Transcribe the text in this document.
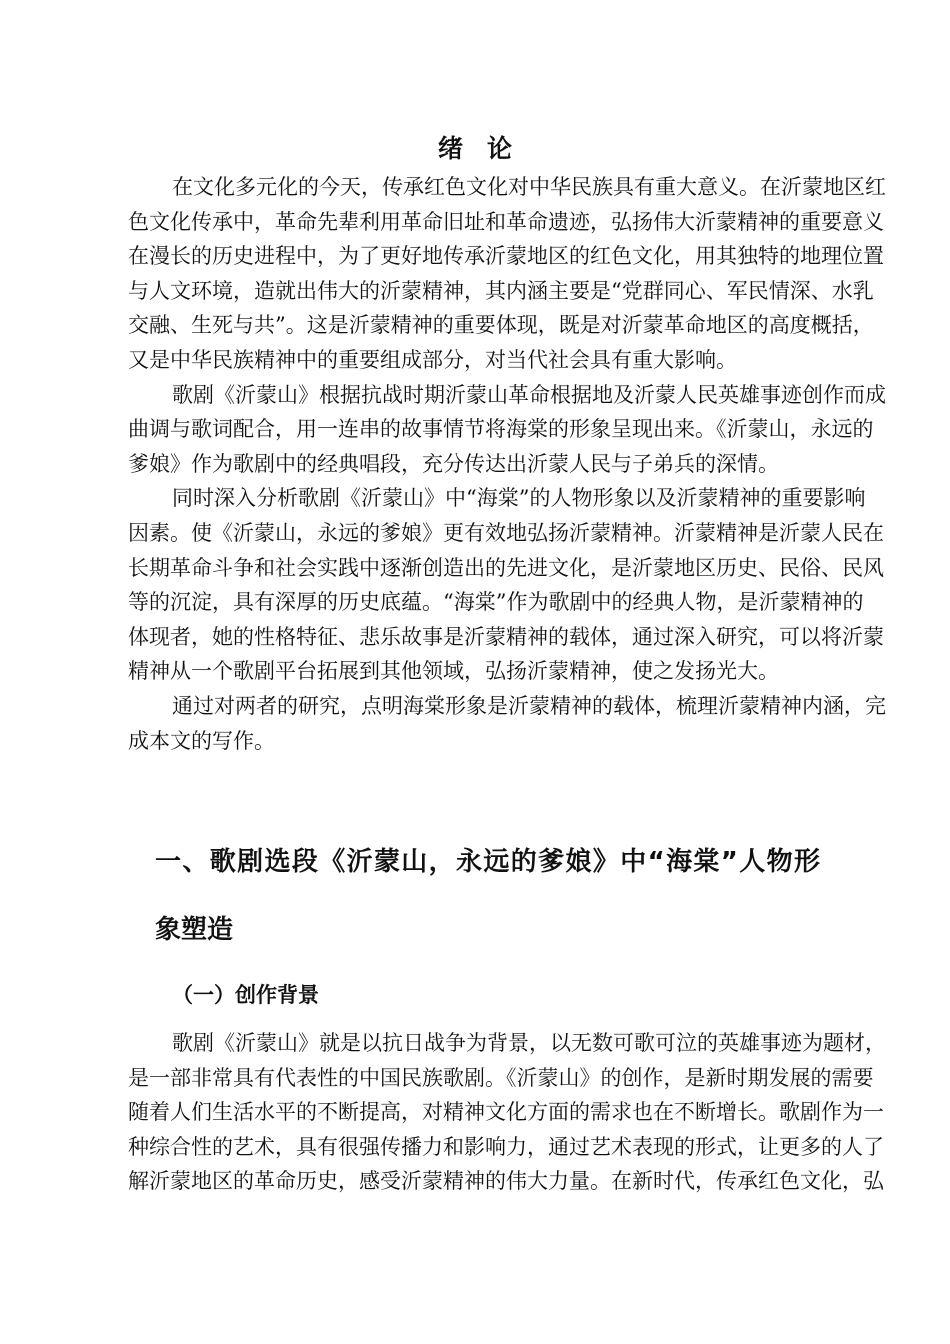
绪 论
在文化多元化的今天，传承红色文化对中华民族具有重大意义。在沂蒙地区红
色文化传承中，革命先辈利用革命旧址和革命遗迹，弘扬伟大沂蒙精神的重要意义
在漫长的历史进程中，为了更好地传承沂蒙地区的红色文化，用其独特的地理位置
与人文环境，造就出伟大的沂蒙精神，其内涵主要是“党群同心、军民情深、水乳
交融、生死与共”。这是沂蒙精神的重要体现，既是对沂蒙革命地区的高度概括，
又是中华民族精神中的重要组成部分，对当代社会具有重大影响。
歌剧《沂蒙山》根据抗战时期沂蒙山革命根据地及沂蒙人民英雄事迹创作而成
曲调与歌词配合，用一连串的故事情节将海棠的形象呈现出来。《沂蒙山，永远的
爹娘》作为歌剧中的经典唱段，充分传达出沂蒙人民与子弟兵的深情。
同时深入分析歌剧《沂蒙山》中“海棠”的人物形象以及沂蒙精神的重要影响
因素。使《沂蒙山，永远的爹娘》更有效地弘扬沂蒙精神。沂蒙精神是沂蒙人民在
长期革命斗争和社会实践中逐渐创造出的先进文化，是沂蒙地区历史、民俗、民风
等的沉淀，具有深厚的历史底蕴。“海棠”作为歌剧中的经典人物，是沂蒙精神的
体现者，她的性格特征、悲乐故事是沂蒙精神的载体，通过深入研究，可以将沂蒙
精神从一个歌剧平台拓展到其他领域，弘扬沂蒙精神，使之发扬光大。
通过对两者的研究，点明海棠形象是沂蒙精神的载体，梳理沂蒙精神内涵，完
成本文的写作。
一、歌剧选段《沂蒙山，永远的爹娘》中“海棠”人物形
象塑造
（一）创作背景
歌剧《沂蒙山》就是以抗日战争为背景，以无数可歌可泣的英雄事迹为题材，
是一部非常具有代表性的中国民族歌剧。《沂蒙山》的创作，是新时期发展的需要
随着人们生活水平的不断提高，对精神文化方面的需求也在不断增长。歌剧作为一
种综合性的艺术，具有很强传播力和影响力，通过艺术表现的形式，让更多的人了
解沂蒙地区的革命历史，感受沂蒙精神的伟大力量。在新时代，传承红色文化，弘
